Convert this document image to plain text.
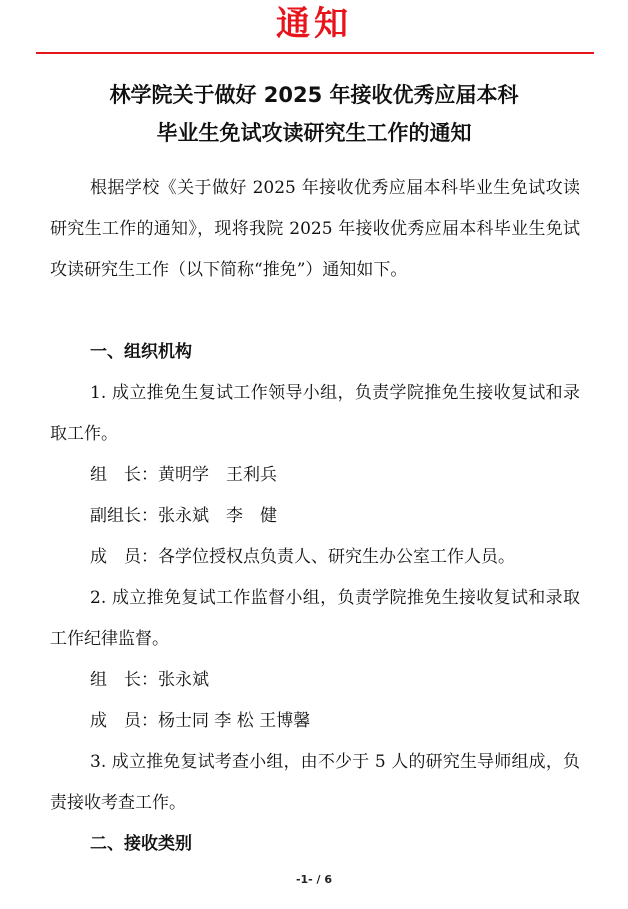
通知
林学院关于做好 2025 年接收优秀应届本科
毕业生免试攻读研究生工作的通知

根据学校《关于做好 2025 年接收优秀应届本科毕业生免试攻读研究生工作的通知》，现将我院 2025 年接收优秀应届本科毕业生免试攻读研究生工作（以下简称“推免”）通知如下。

一、组织机构

1. 成立推免生复试工作领导小组，负责学院推免生接收复试和录取工作。

组　长：黄明学　王利兵
副组长：张永斌　李　健
成　员：各学位授权点负责人、研究生办公室工作人员。

2. 成立推免复试工作监督小组，负责学院推免生接收复试和录取工作纪律监督。

组　长：张永斌
成　员：杨士同 李 松 王博馨

3. 成立推免复试考查小组，由不少于 5 人的研究生导师组成，负责接收考查工作。

二、接收类别
-1- / 6
